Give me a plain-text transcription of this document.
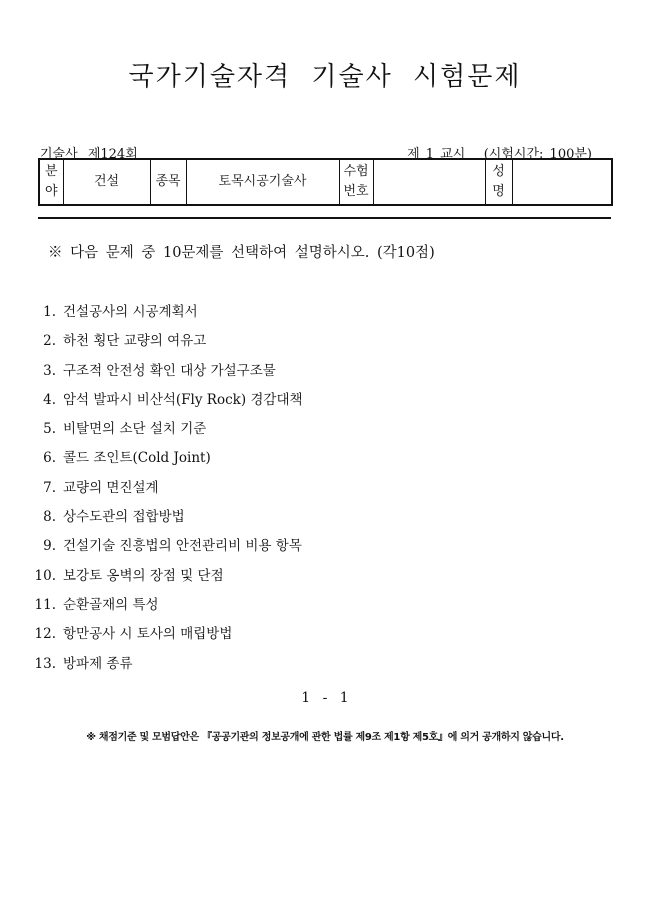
국가기술자격 기술사 시험문제
기술사 제124회	제 1 교시 (시험시간: 100분)
분야	건설	종목	토목시공기술사	수험번호		성명	
※ 다음 문제 중 10문제를 선택하여 설명하시오. (각10점)
1. 건설공사의 시공계획서
2. 하천 횡단 교량의 여유고
3. 구조적 안전성 확인 대상 가설구조물
4. 암석 발파시 비산석(Fly Rock) 경감대책
5. 비탈면의 소단 설치 기준
6. 콜드 조인트(Cold Joint)
7. 교량의 면진설계
8. 상수도관의 접합방법
9. 건설기술 진흥법의 안전관리비 비용 항목
10. 보강토 옹벽의 장점 및 단점
11. 순환골재의 특성
12. 항만공사 시 토사의 매립방법
13. 방파제 종류
1 - 1
※ 채점기준 및 모범답안은 『공공기관의 정보공개에 관한 법률 제9조 제1항 제5호』에 의거 공개하지 않습니다.
